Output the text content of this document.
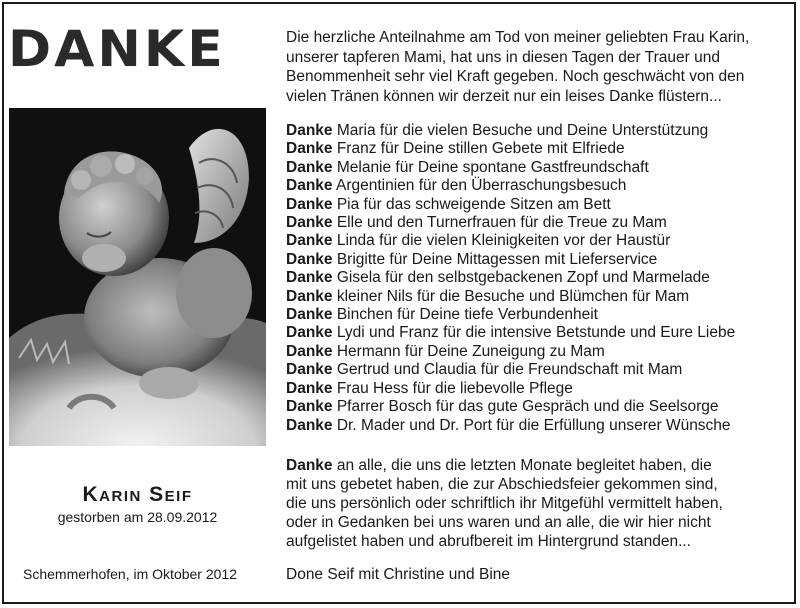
DANKE
Karin Seif
gestorben am 28.09.2012
Schemmerhofen, im Oktober 2012
Die herzliche Anteilnahme am Tod von meiner geliebten Frau Karin,
unserer tapferen Mami, hat uns in diesen Tagen der Trauer und
Benommenheit sehr viel Kraft gegeben. Noch geschwächt von den
vielen Tränen können wir derzeit nur ein leises Danke flüstern...
Danke Maria für die vielen Besuche und Deine Unterstützung
Danke Franz für Deine stillen Gebete mit Elfriede
Danke Melanie für Deine spontane Gastfreundschaft
Danke Argentinien für den Überraschungsbesuch
Danke Pia für das schweigende Sitzen am Bett
Danke Elle und den Turnerfrauen für die Treue zu Mam
Danke Linda für die vielen Kleinigkeiten vor der Haustür
Danke Brigitte für Deine Mittagessen mit Lieferservice
Danke Gisela für den selbstgebackenen Zopf und Marmelade
Danke kleiner Nils für die Besuche und Blümchen für Mam
Danke Binchen für Deine tiefe Verbundenheit
Danke Lydi und Franz für die intensive Betstunde und Eure Liebe
Danke Hermann für Deine Zuneigung zu Mam
Danke Gertrud und Claudia für die Freundschaft mit Mam
Danke Frau Hess für die liebevolle Pflege
Danke Pfarrer Bosch für das gute Gespräch und die Seelsorge
Danke Dr. Mader und Dr. Port für die Erfüllung unserer Wünsche
Danke an alle, die uns die letzten Monate begleitet haben, die
mit uns gebetet haben, die zur Abschiedsfeier gekommen sind,
die uns persönlich oder schriftlich ihr Mitgefühl vermittelt haben,
oder in Gedanken bei uns waren und an alle, die wir hier nicht
aufgelistet haben und abrufbereit im Hintergrund standen...
Done Seif mit Christine und Bine
